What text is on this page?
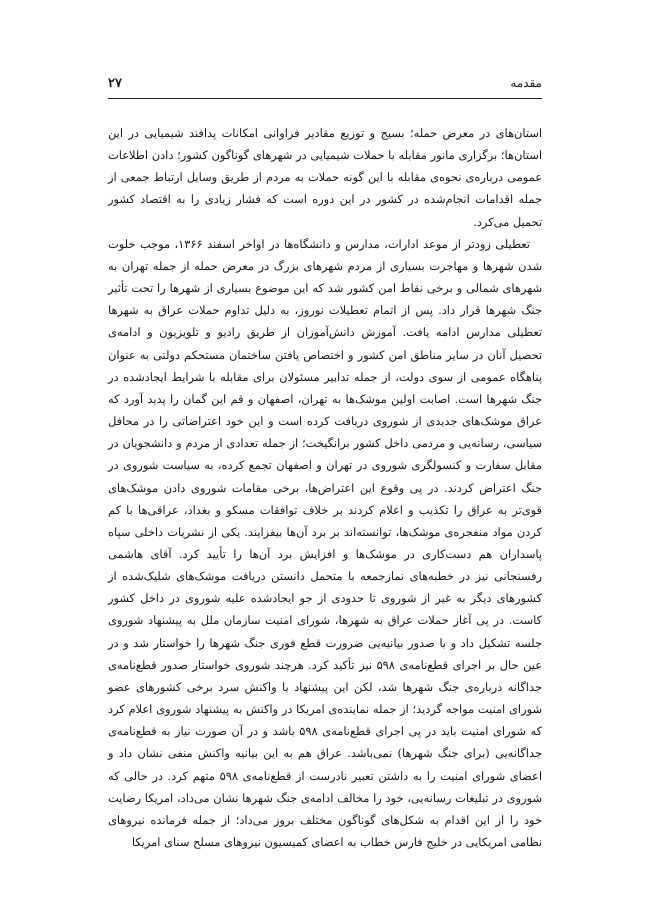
مقدمه
۲۷

استان‌های در معرض حمله؛ بسیج و توزیع مقادیر فراوانی امکانات پدافند شیمیایی در این استان‌ها؛ برگزاری مانور مقابله با حملات شیمیایی در شهرهای گوناگون کشور؛ دادن اطلاعات عمومی درباره‌ی نحوه‌ی مقابله با این گونه حملات به مردم از طریق وسایل ارتباط جمعی از جمله اقدامات انجام‌شده در کشور در این دوره است که فشار زیادی را به اقتصاد کشور تحمیل می‌کرد.

تعطیلی زودتر از موعد ادارات، مدارس و دانشگاه‌ها در اواخر اسفند ۱۳۶۶، موجب خلوت شدن شهرها و مهاجرت بسیاری از مردم شهرهای بزرگ در معرض حمله از جمله تهران به شهرهای شمالی و برخی نقاط امن کشور شد که این موضوع بسیاری از شهرها را تحت تأثیر جنگ شهرها قرار داد. پس از اتمام تعطیلات نوروز، به دلیل تداوم حملات عراق به شهرها تعطیلی مدارس ادامه یافت. آموزش دانش‌آموزان از طریق رادیو و تلویزیون و ادامه‌ی تحصیل آنان در سایر مناطق امن کشور و اختصاص یافتن ساختمان مستحکم دولتی به عنوان پناهگاه عمومی از سوی دولت، از جمله تدابیر مسئولان برای مقابله با شرایط ایجادشده در جنگ شهرها است. اصابت اولین موشک‌ها به تهران، اصفهان و قم این گمان را پدید آورد که عراق موشک‌های جدیدی از شوروی دریافت کرده است و این خود اعتراضاتی را در محافل سیاسی، رسانه‌یی و مردمی داخل کشور برانگیخت؛ از جمله تعدادی از مردم و دانشجویان در مقابل سفارت و کنسولگری شوروی در تهران و اصفهان تجمع کرده، به سیاست شوروی در جنگ اعتراض کردند. در پی وقوع این اعتراض‌ها، برخی مقامات شوروی دادن موشک‌های قوی‌تر به عراق را تکذیب و اعلام کردند بر خلاف توافقات مسکو و بغداد، عراقی‌ها با کم کردن مواد منفجره‌ی موشک‌ها، توانسته‌اند بر برد آن‌ها بیفزایند. یکی از نشریات داخلی سپاه پاسداران هم دست‌کاری در موشک‌ها و افزایش برد آن‌ها را تأیید کرد. آقای هاشمی رفسنجانی نیز در خطبه‌های نمازجمعه با متحمل دانستن دریافت موشک‌های شلیک‌شده از کشورهای دیگر به غیر از شوروی تا حدودی از جو ایجادشده علیه شوروی در داخل کشور کاست. در پی آغاز حملات عراق به شهرها، شورای امنیت سازمان ملل به پیشنهاد شوروی جلسه تشکیل داد و با صدور بیانیه‌یی ضرورت قطع فوری جنگ شهرها را خواستار شد و در عین حال بر اجرای قطع‌نامه‌ی ۵۹۸ نیز تأکید کرد. هرچند شوروی خواستار صدور قطع‌نامه‌ی جداگانه درباره‌ی جنگ شهرها شد، لکن این پیشنهاد با واکنش سرد برخی کشورهای عضو شورای امنیت مواجه گردید؛ از جمله نماینده‌ی امریکا در واکنش به پیشنهاد شوروی اعلام کرد که شورای امنیت باید در پی اجرای قطع‌نامه‌ی ۵۹۸ باشد و در آن صورت نیاز به قطع‌نامه‌ی جداگانه‌یی (برای جنگ شهرها) نمی‌باشد. عراق هم به این بیانیه واکنش منفی نشان داد و اعضای شورای امنیت را به داشتن تعبیر نادرست از قطع‌نامه‌ی ۵۹۸ متهم کرد. در حالی که شوروی در تبلیغات رسانه‌یی، خود را مخالف ادامه‌ی جنگ شهرها نشان می‌داد، امریکا رضایت خود را از این اقدام به شکل‌های گوناگون مختلف بروز می‌داد؛ از جمله فرمانده نیروهای نظامی امریکایی در خلیج فارس خطاب به اعضای کمیسیون نیروهای مسلح سنای امریکا
